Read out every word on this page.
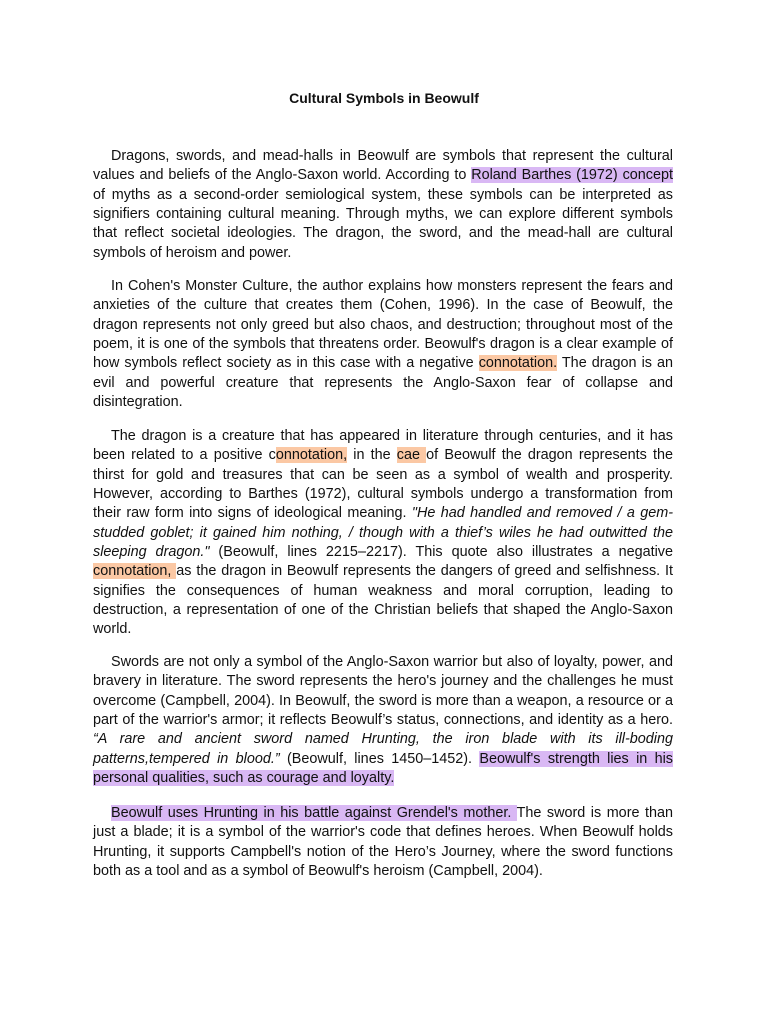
Cultural Symbols in Beowulf

Dragons, swords, and mead-halls in Beowulf are symbols that represent the cultural values and beliefs of the Anglo-Saxon world. According to Roland Barthes (1972) concept of myths as a second-order semiological system, these symbols can be interpreted as signifiers containing cultural meaning. Through myths, we can explore different symbols that reflect societal ideologies. The dragon, the sword, and the mead-hall are cultural symbols of heroism and power.

In Cohen's Monster Culture, the author explains how monsters represent the fears and anxieties of the culture that creates them (Cohen, 1996). In the case of Beowulf, the dragon represents not only greed but also chaos, and destruction; throughout most of the poem, it is one of the symbols that threatens order. Beowulf's dragon is a clear example of how symbols reflect society as in this case with a negative connotation. The dragon is an evil and powerful creature that represents the Anglo-Saxon fear of collapse and disintegration.

The dragon is a creature that has appeared in literature through centuries, and it has been related to a positive connotation, in the cae of Beowulf the dragon represents the thirst for gold and treasures that can be seen as a symbol of wealth and prosperity. However, according to Barthes (1972), cultural symbols undergo a transformation from their raw form into signs of ideological meaning. "He had handled and removed / a gem-studded goblet; it gained him nothing, / though with a thief’s wiles he had outwitted the sleeping dragon." (Beowulf, lines 2215–2217). This quote also illustrates a negative connotation, as the dragon in Beowulf represents the dangers of greed and selfishness. It signifies the consequences of human weakness and moral corruption, leading to destruction, a representation of one of the Christian beliefs that shaped the Anglo-Saxon world.

Swords are not only a symbol of the Anglo-Saxon warrior but also of loyalty, power, and bravery in literature. The sword represents the hero's journey and the challenges he must overcome (Campbell, 2004). In Beowulf, the sword is more than a weapon, a resource or a part of the warrior's armor; it reflects Beowulf’s status, connections, and identity as a hero. “A rare and ancient sword named Hrunting, the iron blade with its ill-boding patterns,tempered in blood.” (Beowulf, lines 1450–1452). Beowulf's strength lies in his personal qualities, such as courage and loyalty.

Beowulf uses Hrunting in his battle against Grendel's mother. The sword is more than just a blade; it is a symbol of the warrior's code that defines heroes. When Beowulf holds Hrunting, it supports Campbell's notion of the Hero’s Journey, where the sword functions both as a tool and as a symbol of Beowulf's heroism (Campbell, 2004).
